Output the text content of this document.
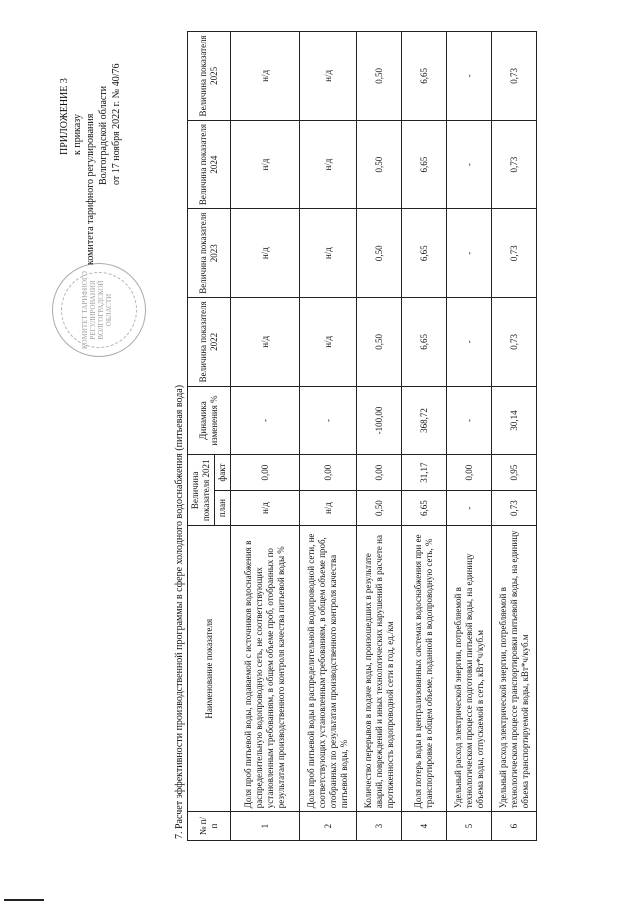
КОМИТЕТ ТАРИФНОГО РЕГУЛИРОВАНИЯ ВОЛГОГРАДСКОЙ ОБЛАСТИ
ПРИЛОЖЕНИЕ 3 к приказу комитета тарифного регулирования Волгоградской области от 17 ноября 2022 г. № 40/76
7. Расчет эффективности производственной программы в сфере холодного водоснабжения (питьевая вода) № п/п	Наименование показателя	Величина показателя 2021		Динамика изменения %	Величина показателя 2022	Величина показателя 2023	Величина показателя 2024	Величина показателя 2025
		план	факт					
1	Доля проб питьевой воды, подаваемой с источников водоснабжения в распределительную водопроводную сеть, не соответствующих установленным требованиям, в общем объеме проб, отобранных по результатам производственного контроля качества питьевой воды %	н/д	0,00	-	н/д	н/д	н/д	н/д
2	Доля проб питьевой воды в распределительной водопроводной сети, не соответствующих установленным требованиям, в общем объеме проб, отобранных по результатам производственного контроля качества питьевой воды, %	н/д	0,00	-	н/д	н/д	н/д	н/д
3	Количество перерывов в подаче воды, произошедших в результате аварий, повреждений и иных технологических нарушений в расчете на протяженность водопроводной сети в год, ед./км	0,50	0,00	-100,00	0,50	0,50	0,50	0,50
4	Доля потерь воды в централизованных системах водоснабжения при ее транспортировке в общем объеме, поданной в водопроводную сеть, %	6,65	31,17	368,72	6,65	6,65	6,65	6,65
5	Удельный расход электрической энергии, потребляемой в технологическом процессе подготовки питьевой воды, на единицу объема воды, отпускаемой в сеть, кВт*ч/куб.м	-	0,00	-	-	-	-	-
6	Удельный расход электрической энергии, потребляемой в технологическом процессе транспортировки питьевой воды, на единицу объема транспортируемой воды, кВт*ч/куб.м	0,73	0,95	30,14	0,73	0,73	0,73	0,73
